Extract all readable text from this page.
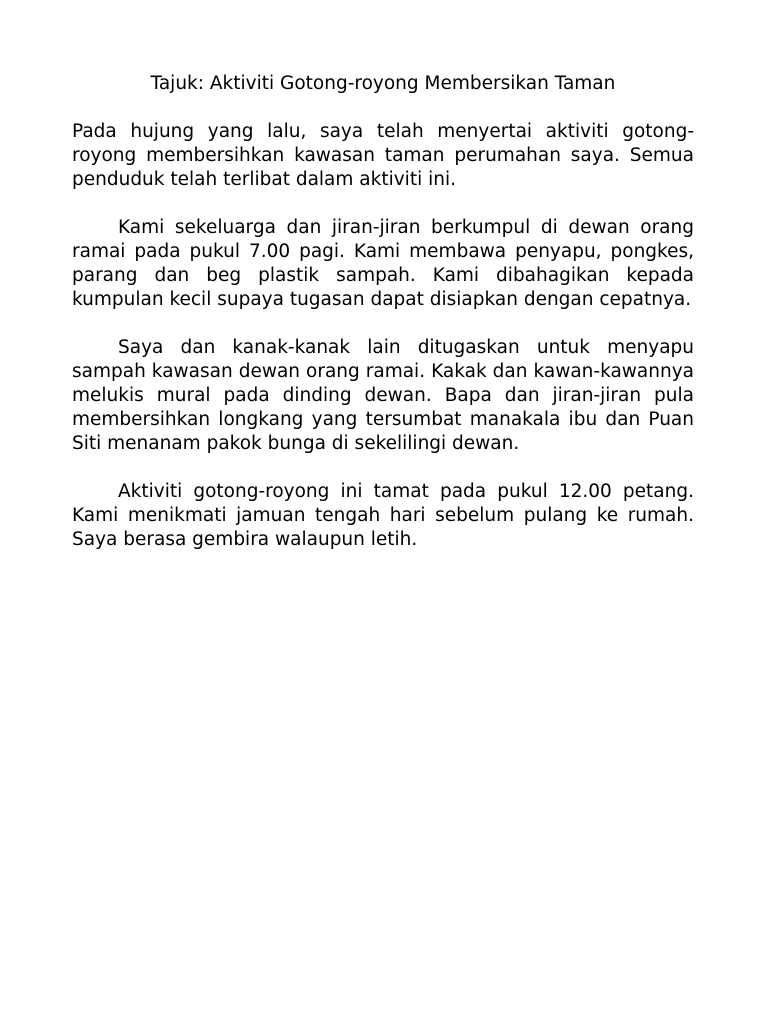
Tajuk: Aktiviti Gotong-royong Membersikan Taman

Pada hujung yang lalu, saya telah menyertai aktiviti gotong-royong membersihkan kawasan taman perumahan saya. Semua penduduk telah terlibat dalam aktiviti ini.

Kami sekeluarga dan jiran-jiran berkumpul di dewan orang ramai pada pukul 7.00 pagi. Kami membawa penyapu, pongkes, parang dan beg plastik sampah. Kami dibahagikan kepada kumpulan kecil supaya tugasan dapat disiapkan dengan cepatnya.

Saya dan kanak-kanak lain ditugaskan untuk menyapu sampah kawasan dewan orang ramai. Kakak dan kawan-kawannya melukis mural pada dinding dewan. Bapa dan jiran-jiran pula membersihkan longkang yang tersumbat manakala ibu dan Puan Siti menanam pakok bunga di sekelilingi dewan.

Aktiviti gotong-royong ini tamat pada pukul 12.00 petang. Kami menikmati jamuan tengah hari sebelum pulang ke rumah. Saya berasa gembira walaupun letih.
